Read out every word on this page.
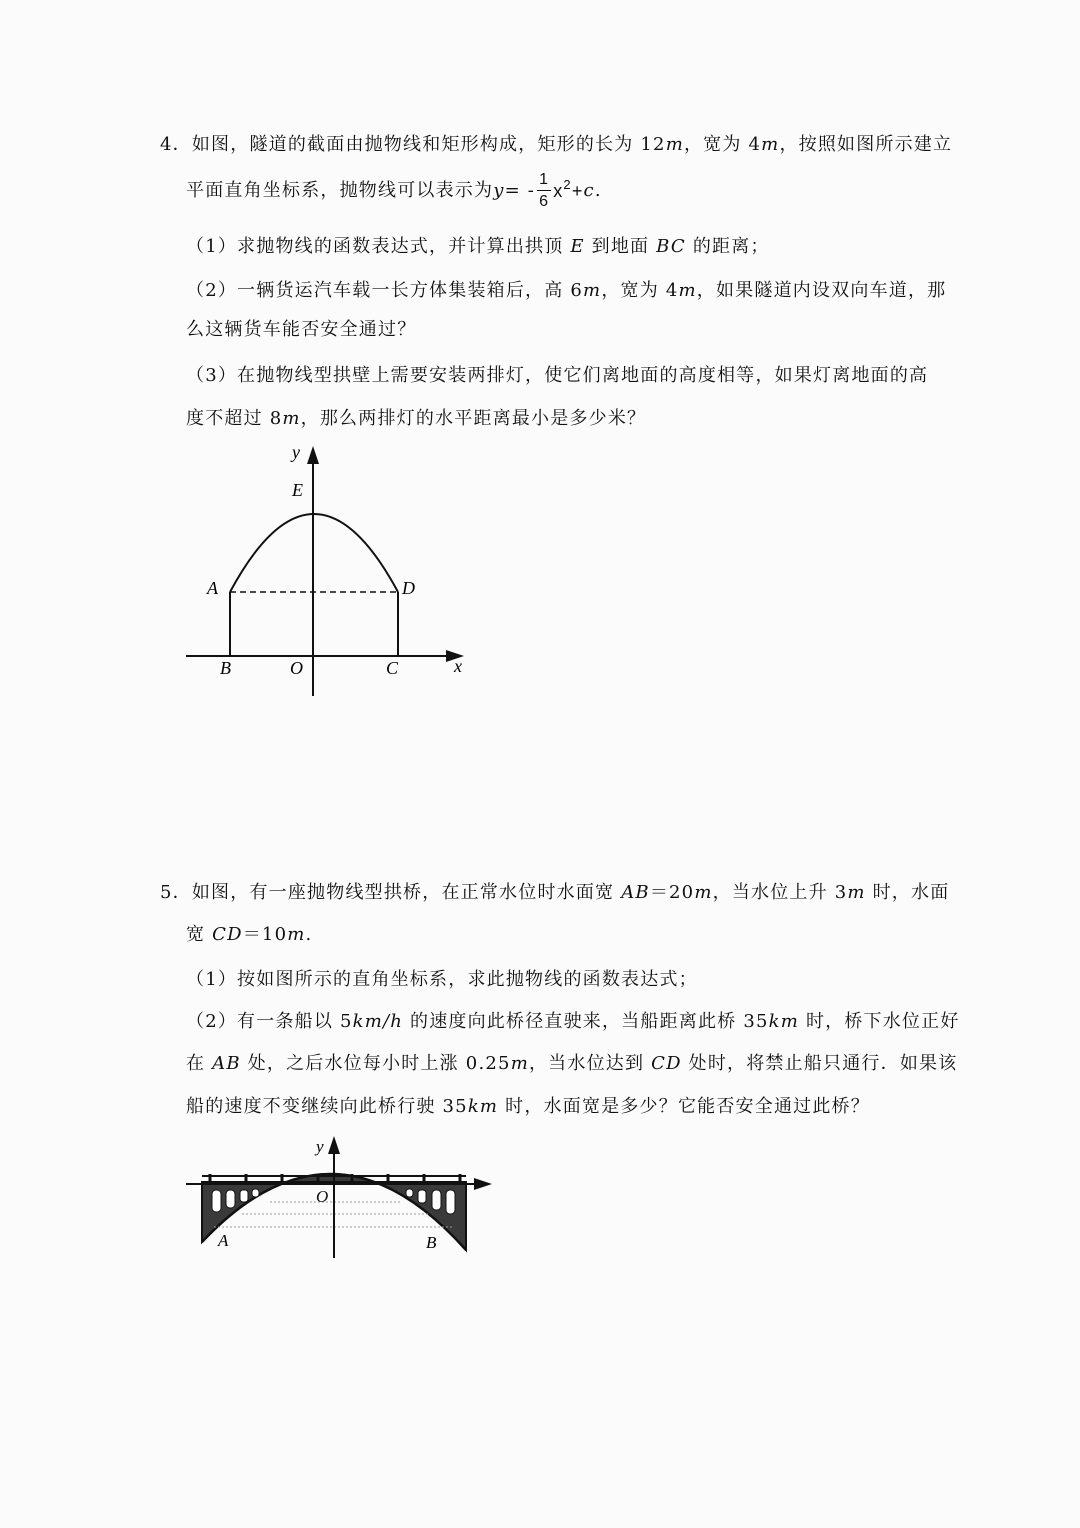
4．如图，隧道的截面由抛物线和矩形构成，矩形的长为 12m，宽为 4m，按照如图所示建立
平面直角坐标系，抛物线可以表示为$y= - \frac{1}{6} x^2+c$.
（1）求抛物线的函数表达式，并计算出拱顶 E 到地面 BC 的距离；
（2）一辆货运汽车载一长方体集装箱后，高 6m，宽为 4m，如果隧道内设双向车道，那
么这辆货车能否安全通过？
（3）在抛物线型拱壁上需要安装两排灯，使它们离地面的高度相等，如果灯离地面的高
度不超过 8m，那么两排灯的水平距离最小是多少米？
y
E
A	D
B	O	C	x
5．如图，有一座抛物线型拱桥，在正常水位时水面宽 AB＝20m，当水位上升 3m 时，水面
宽 CD＝10m.
（1）按如图所示的直角坐标系，求此抛物线的函数表达式；
（2）有一条船以 5km/h 的速度向此桥径直驶来，当船距离此桥 35km 时，桥下水位正好
在 AB 处，之后水位每小时上涨 0.25m，当水位达到 CD 处时，将禁止船只通行．如果该
船的速度不变继续向此桥行驶 35km 时，水面宽是多少？它能否安全通过此桥？
y
O
A	B
